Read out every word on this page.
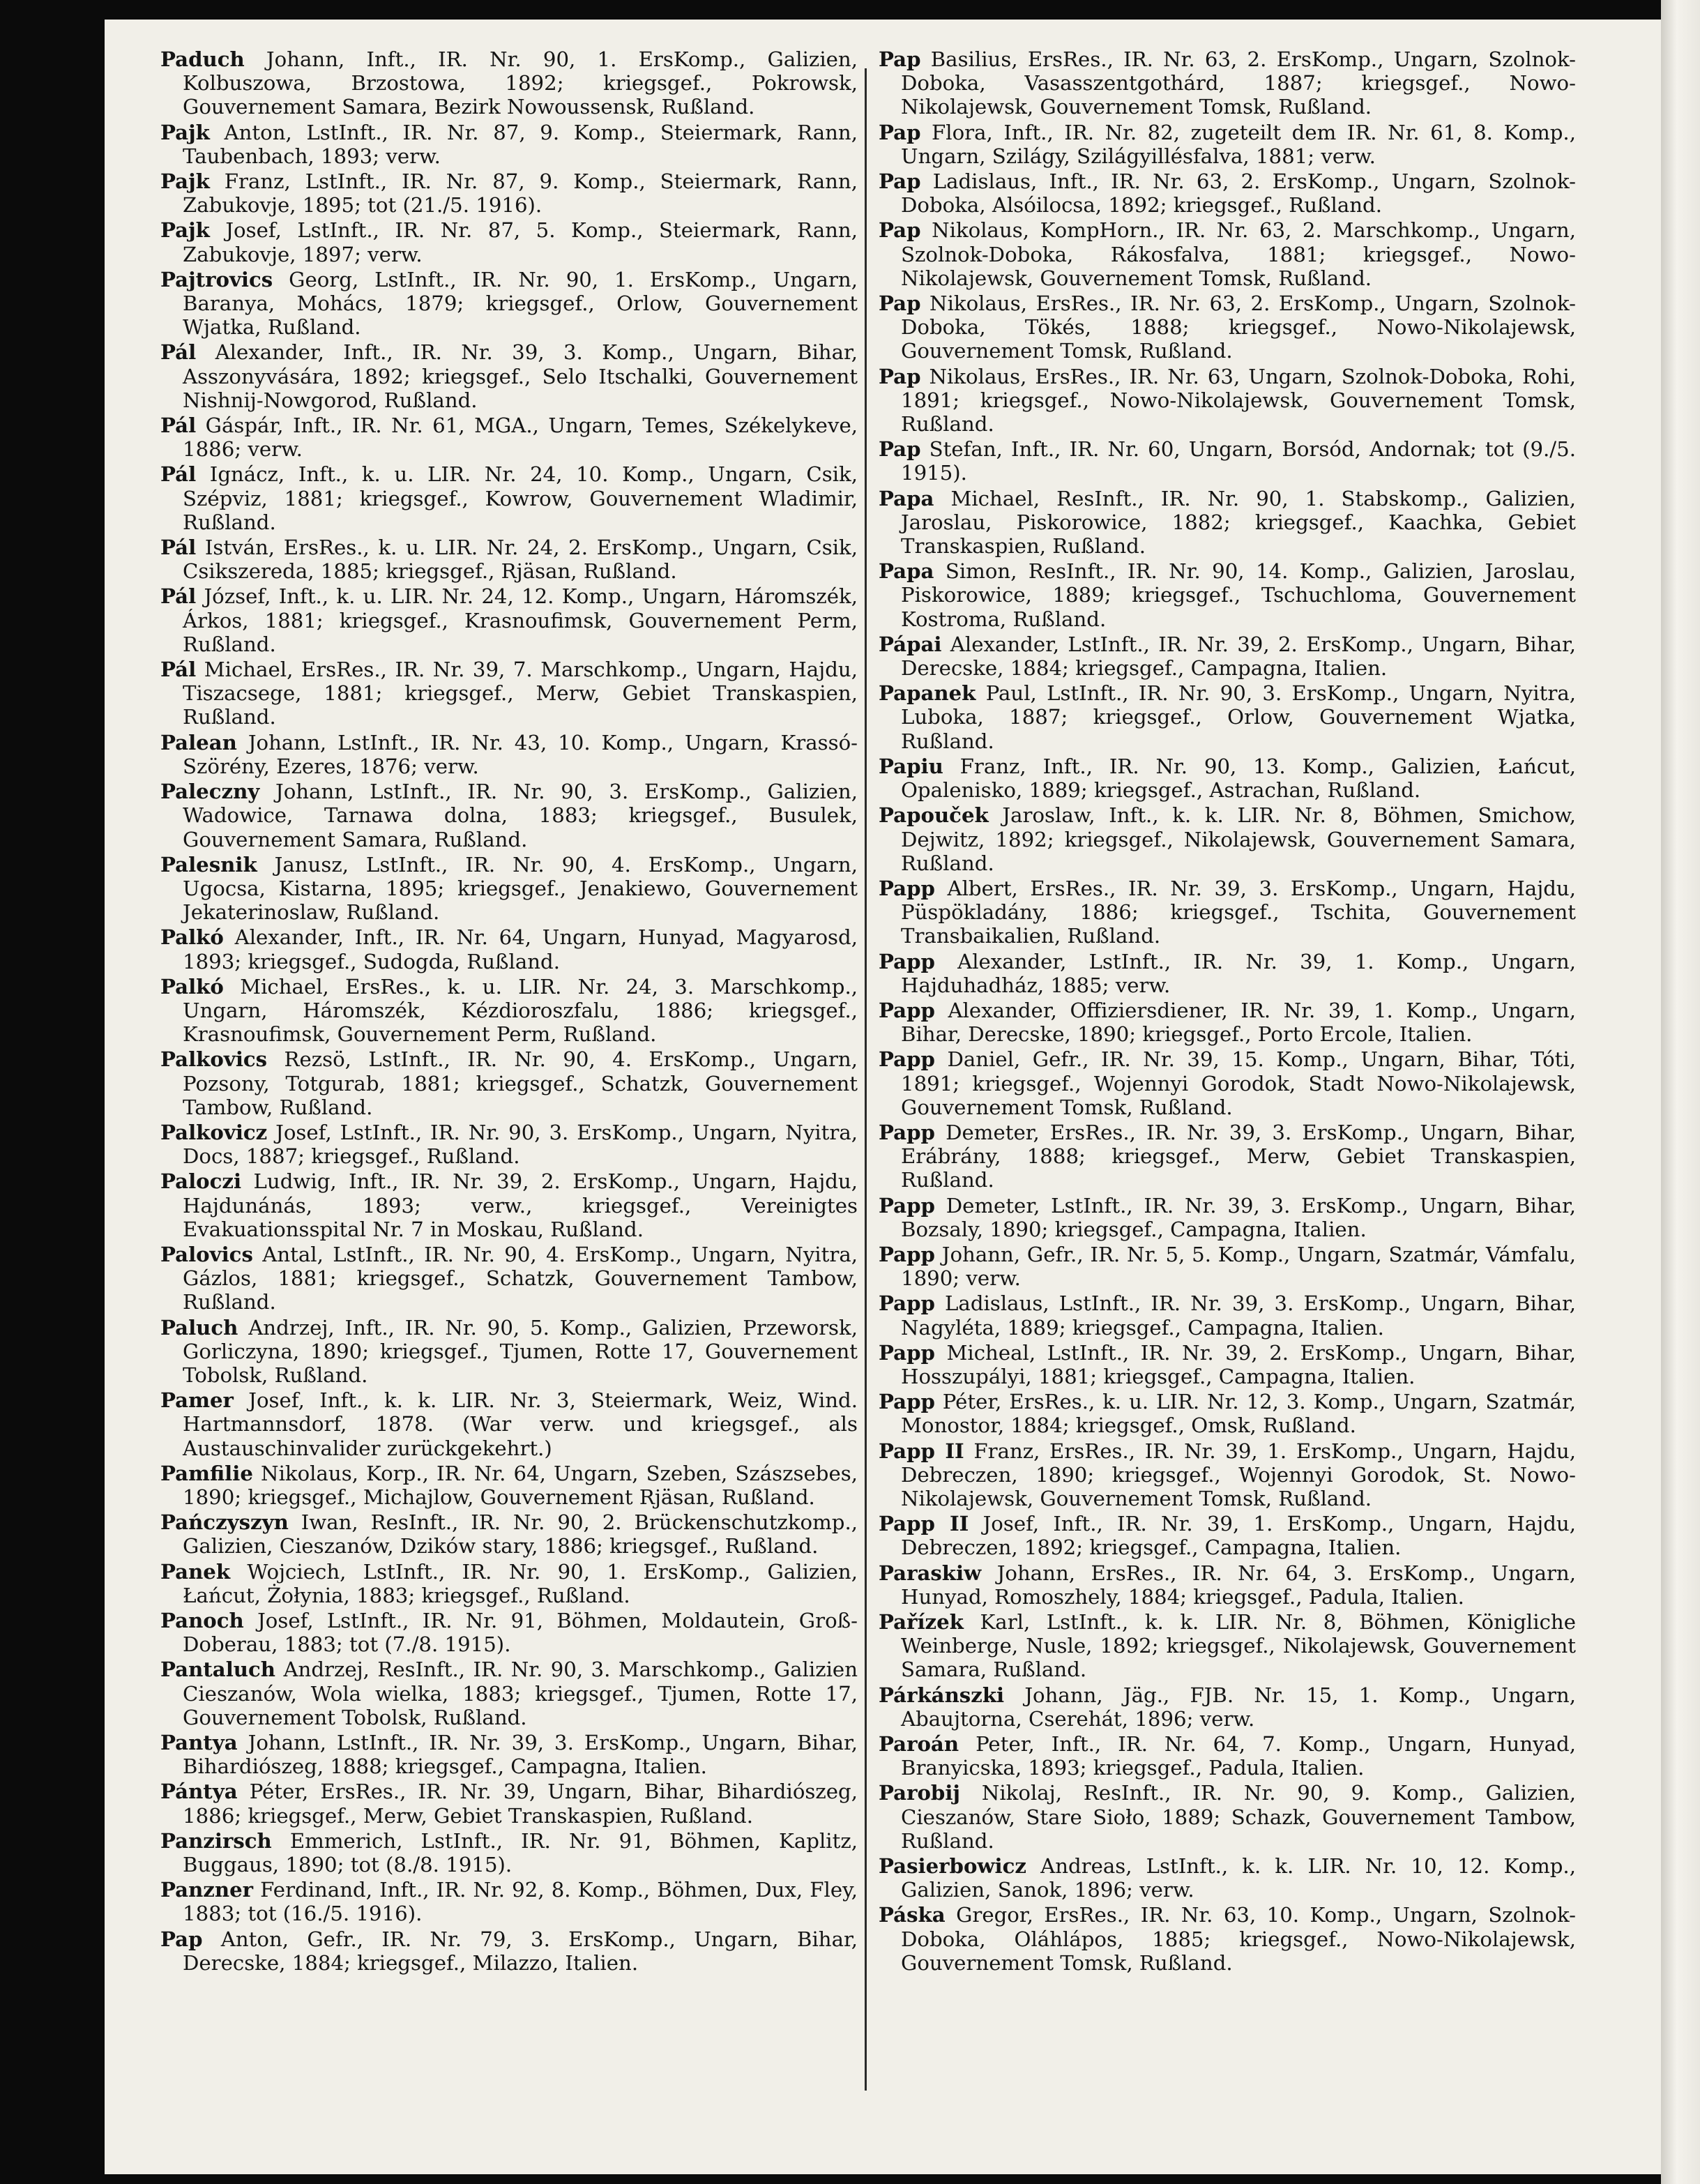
Paduch Johann, Inft., IR. Nr. 90, 1. ErsKomp., Galizien, Kolbuszowa, Brzostowa, 1892; kriegsgef., Pokrowsk, Gouvernement Samara, Bezirk Nowoussensk, Rußland.
Pajk Anton, LstInft., IR. Nr. 87, 9. Komp., Steiermark, Rann, Taubenbach, 1893; verw.
Pajk Franz, LstInft., IR. Nr. 87, 9. Komp., Steiermark, Rann, Zabukovje, 1895; tot (21./5. 1916).
Pajk Josef, LstInft., IR. Nr. 87, 5. Komp., Steiermark, Rann, Zabukovje, 1897; verw.
Pajtrovics Georg, LstInft., IR. Nr. 90, 1. ErsKomp., Ungarn, Baranya, Mohács, 1879; kriegsgef., Orlow, Gouvernement Wjatka, Rußland.
Pál Alexander, Inft., IR. Nr. 39, 3. Komp., Ungarn, Bihar, Asszonyvására, 1892; kriegsgef., Selo Itschalki, Gouvernement Nishnij-Nowgorod, Rußland.
Pál Gáspár, Inft., IR. Nr. 61, MGA., Ungarn, Temes, Székelykeve, 1886; verw.
Pál Ignácz, Inft., k. u. LIR. Nr. 24, 10. Komp., Ungarn, Csik, Szépviz, 1881; kriegsgef., Kowrow, Gouvernement Wladimir, Rußland.
Pál István, ErsRes., k. u. LIR. Nr. 24, 2. ErsKomp., Ungarn, Csik, Csikszereda, 1885; kriegsgef., Rjäsan, Rußland.
Pál József, Inft., k. u. LIR. Nr. 24, 12. Komp., Ungarn, Háromszék, Árkos, 1881; kriegsgef., Krasnoufimsk, Gouvernement Perm, Rußland.
Pál Michael, ErsRes., IR. Nr. 39, 7. Marschkomp., Ungarn, Hajdu, Tiszacsege, 1881; kriegsgef., Merw, Gebiet Transkaspien, Rußland.
Palean Johann, LstInft., IR. Nr. 43, 10. Komp., Ungarn, Krassó-Szörény, Ezeres, 1876; verw.
Paleczny Johann, LstInft., IR. Nr. 90, 3. ErsKomp., Galizien, Wadowice, Tarnawa dolna, 1883; kriegsgef., Busulek, Gouvernement Samara, Rußland.
Palesnik Janusz, LstInft., IR. Nr. 90, 4. ErsKomp., Ungarn, Ugocsa, Kistarna, 1895; kriegsgef., Jenakiewo, Gouvernement Jekaterinoslaw, Rußland.
Palkó Alexander, Inft., IR. Nr. 64, Ungarn, Hunyad, Magyarosd, 1893; kriegsgef., Sudogda, Rußland.
Palkó Michael, ErsRes., k. u. LIR. Nr. 24, 3. Marschkomp., Ungarn, Háromszék, Kézdioroszfalu, 1886; kriegsgef., Krasnoufimsk, Gouvernement Perm, Rußland.
Palkovics Rezsö, LstInft., IR. Nr. 90, 4. ErsKomp., Ungarn, Pozsony, Totgurab, 1881; kriegsgef., Schatzk, Gouvernement Tambow, Rußland.
Palkovicz Josef, LstInft., IR. Nr. 90, 3. ErsKomp., Ungarn, Nyitra, Docs, 1887; kriegsgef., Rußland.
Paloczi Ludwig, Inft., IR. Nr. 39, 2. ErsKomp., Ungarn, Hajdu, Hajdunánás, 1893; verw., kriegsgef., Vereinigtes Evakuationsspital Nr. 7 in Moskau, Rußland.
Palovics Antal, LstInft., IR. Nr. 90, 4. ErsKomp., Ungarn, Nyitra, Gázlos, 1881; kriegsgef., Schatzk, Gouvernement Tambow, Rußland.
Paluch Andrzej, Inft., IR. Nr. 90, 5. Komp., Galizien, Przeworsk, Gorliczyna, 1890; kriegsgef., Tjumen, Rotte 17, Gouvernement Tobolsk, Rußland.
Pamer Josef, Inft., k. k. LIR. Nr. 3, Steiermark, Weiz, Wind. Hartmannsdorf, 1878. (War verw. und kriegsgef., als Austauschinvalider zurückgekehrt.)
Pamfilie Nikolaus, Korp., IR. Nr. 64, Ungarn, Szeben, Szászsebes, 1890; kriegsgef., Michajlow, Gouvernement Rjäsan, Rußland.
Pańczyszyn Iwan, ResInft., IR. Nr. 90, 2. Brückenschutzkomp., Galizien, Cieszanów, Dzików stary, 1886; kriegsgef., Rußland.
Panek Wojciech, LstInft., IR. Nr. 90, 1. ErsKomp., Galizien, Łańcut, Żołynia, 1883; kriegsgef., Rußland.
Panoch Josef, LstInft., IR. Nr. 91, Böhmen, Moldautein, Groß-Doberau, 1883; tot (7./8. 1915).
Pantaluch Andrzej, ResInft., IR. Nr. 90, 3. Marschkomp., Galizien Cieszanów, Wola wielka, 1883; kriegsgef., Tjumen, Rotte 17, Gouvernement Tobolsk, Rußland.
Pantya Johann, LstInft., IR. Nr. 39, 3. ErsKomp., Ungarn, Bihar, Bihardiószeg, 1888; kriegsgef., Campagna, Italien.
Pántya Péter, ErsRes., IR. Nr. 39, Ungarn, Bihar, Bihardiószeg, 1886; kriegsgef., Merw, Gebiet Transkaspien, Rußland.
Panzirsch Emmerich, LstInft., IR. Nr. 91, Böhmen, Kaplitz, Buggaus, 1890; tot (8./8. 1915).
Panzner Ferdinand, Inft., IR. Nr. 92, 8. Komp., Böhmen, Dux, Fley, 1883; tot (16./5. 1916).
Pap Anton, Gefr., IR. Nr. 79, 3. ErsKomp., Ungarn, Bihar, Derecske, 1884; kriegsgef., Milazzo, Italien.
Pap Basilius, ErsRes., IR. Nr. 63, 2. ErsKomp., Ungarn, Szolnok-Doboka, Vasasszentgothárd, 1887; kriegsgef., Nowo-Nikolajewsk, Gouvernement Tomsk, Rußland.
Pap Flora, Inft., IR. Nr. 82, zugeteilt dem IR. Nr. 61, 8. Komp., Ungarn, Szilágy, Szilágyillésfalva, 1881; verw.
Pap Ladislaus, Inft., IR. Nr. 63, 2. ErsKomp., Ungarn, Szolnok-Doboka, Alsóilocsa, 1892; kriegsgef., Rußland.
Pap Nikolaus, KompHorn., IR. Nr. 63, 2. Marschkomp., Ungarn, Szolnok-Doboka, Rákosfalva, 1881; kriegsgef., Nowo-Nikolajewsk, Gouvernement Tomsk, Rußland.
Pap Nikolaus, ErsRes., IR. Nr. 63, 2. ErsKomp., Ungarn, Szolnok-Doboka, Tökés, 1888; kriegsgef., Nowo-Nikolajewsk, Gouvernement Tomsk, Rußland.
Pap Nikolaus, ErsRes., IR. Nr. 63, Ungarn, Szolnok-Doboka, Rohi, 1891; kriegsgef., Nowo-Nikolajewsk, Gouvernement Tomsk, Rußland.
Pap Stefan, Inft., IR. Nr. 60, Ungarn, Borsód, Andornak; tot (9./5. 1915).
Papa Michael, ResInft., IR. Nr. 90, 1. Stabskomp., Galizien, Jaroslau, Piskorowice, 1882; kriegsgef., Kaachka, Gebiet Transkaspien, Rußland.
Papa Simon, ResInft., IR. Nr. 90, 14. Komp., Galizien, Jaroslau, Piskorowice, 1889; kriegsgef., Tschuchloma, Gouvernement Kostroma, Rußland.
Pápai Alexander, LstInft., IR. Nr. 39, 2. ErsKomp., Ungarn, Bihar, Derecske, 1884; kriegsgef., Campagna, Italien.
Papanek Paul, LstInft., IR. Nr. 90, 3. ErsKomp., Ungarn, Nyitra, Luboka, 1887; kriegsgef., Orlow, Gouvernement Wjatka, Rußland.
Papiu Franz, Inft., IR. Nr. 90, 13. Komp., Galizien, Łańcut, Opalenisko, 1889; kriegsgef., Astrachan, Rußland.
Papouček Jaroslaw, Inft., k. k. LIR. Nr. 8, Böhmen, Smichow, Dejwitz, 1892; kriegsgef., Nikolajewsk, Gouvernement Samara, Rußland.
Papp Albert, ErsRes., IR. Nr. 39, 3. ErsKomp., Ungarn, Hajdu, Püspökladány, 1886; kriegsgef., Tschita, Gouvernement Transbaikalien, Rußland.
Papp Alexander, LstInft., IR. Nr. 39, 1. Komp., Ungarn, Hajduhadház, 1885; verw.
Papp Alexander, Offiziersdiener, IR. Nr. 39, 1. Komp., Ungarn, Bihar, Derecske, 1890; kriegsgef., Porto Ercole, Italien.
Papp Daniel, Gefr., IR. Nr. 39, 15. Komp., Ungarn, Bihar, Tóti, 1891; kriegsgef., Wojennyi Gorodok, Stadt Nowo-Nikolajewsk, Gouvernement Tomsk, Rußland.
Papp Demeter, ErsRes., IR. Nr. 39, 3. ErsKomp., Ungarn, Bihar, Erábrány, 1888; kriegsgef., Merw, Gebiet Transkaspien, Rußland.
Papp Demeter, LstInft., IR. Nr. 39, 3. ErsKomp., Ungarn, Bihar, Bozsaly, 1890; kriegsgef., Campagna, Italien.
Papp Johann, Gefr., IR. Nr. 5, 5. Komp., Ungarn, Szatmár, Vámfalu, 1890; verw.
Papp Ladislaus, LstInft., IR. Nr. 39, 3. ErsKomp., Ungarn, Bihar, Nagyléta, 1889; kriegsgef., Campagna, Italien.
Papp Micheal, LstInft., IR. Nr. 39, 2. ErsKomp., Ungarn, Bihar, Hosszupályi, 1881; kriegsgef., Campagna, Italien.
Papp Péter, ErsRes., k. u. LIR. Nr. 12, 3. Komp., Ungarn, Szatmár, Monostor, 1884; kriegsgef., Omsk, Rußland.
Papp II Franz, ErsRes., IR. Nr. 39, 1. ErsKomp., Ungarn, Hajdu, Debreczen, 1890; kriegsgef., Wojennyi Gorodok, St. Nowo-Nikolajewsk, Gouvernement Tomsk, Rußland.
Papp II Josef, Inft., IR. Nr. 39, 1. ErsKomp., Ungarn, Hajdu, Debreczen, 1892; kriegsgef., Campagna, Italien.
Paraskiw Johann, ErsRes., IR. Nr. 64, 3. ErsKomp., Ungarn, Hunyad, Romoszhely, 1884; kriegsgef., Padula, Italien.
Pařízek Karl, LstInft., k. k. LIR. Nr. 8, Böhmen, Königliche Weinberge, Nusle, 1892; kriegsgef., Nikolajewsk, Gouvernement Samara, Rußland.
Párkánszki Johann, Jäg., FJB. Nr. 15, 1. Komp., Ungarn, Abaujtorna, Cserehát, 1896; verw.
Paroán Peter, Inft., IR. Nr. 64, 7. Komp., Ungarn, Hunyad, Branyicska, 1893; kriegsgef., Padula, Italien.
Parobij Nikolaj, ResInft., IR. Nr. 90, 9. Komp., Galizien, Cieszanów, Stare Sioło, 1889; Schazk, Gouvernement Tambow, Rußland.
Pasierbowicz Andreas, LstInft., k. k. LIR. Nr. 10, 12. Komp., Galizien, Sanok, 1896; verw.
Páska Gregor, ErsRes., IR. Nr. 63, 10. Komp., Ungarn, Szolnok-Doboka, Oláhlápos, 1885; kriegsgef., Nowo-Nikolajewsk, Gouvernement Tomsk, Rußland.
